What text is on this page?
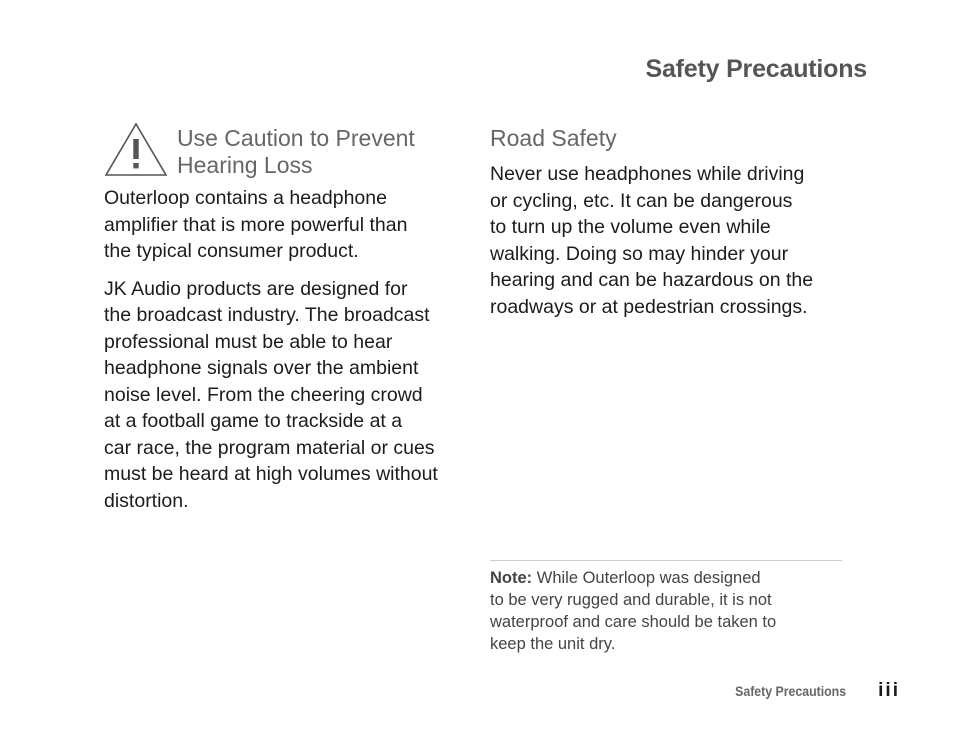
Safety Precautions
Use Caution to Prevent
Hearing Loss

Outerloop contains a headphone
amplifier that is more powerful than
the typical consumer product.

JK Audio products are designed for
the broadcast industry. The broadcast
professional must be able to hear
headphone signals over the ambient
noise level. From the cheering crowd
at a football game to trackside at a
car race, the program material or cues
must be heard at high volumes without
distortion.

Road Safety

Never use headphones while driving
or cycling, etc. It can be dangerous
to turn up the volume even while
walking. Doing so may hinder your
hearing and can be hazardous on the
roadways or at pedestrian crossings.

Note: While Outerloop was designed
to be very rugged and durable, it is not
waterproof and care should be taken to
keep the unit dry.
Safety Precautions iii
